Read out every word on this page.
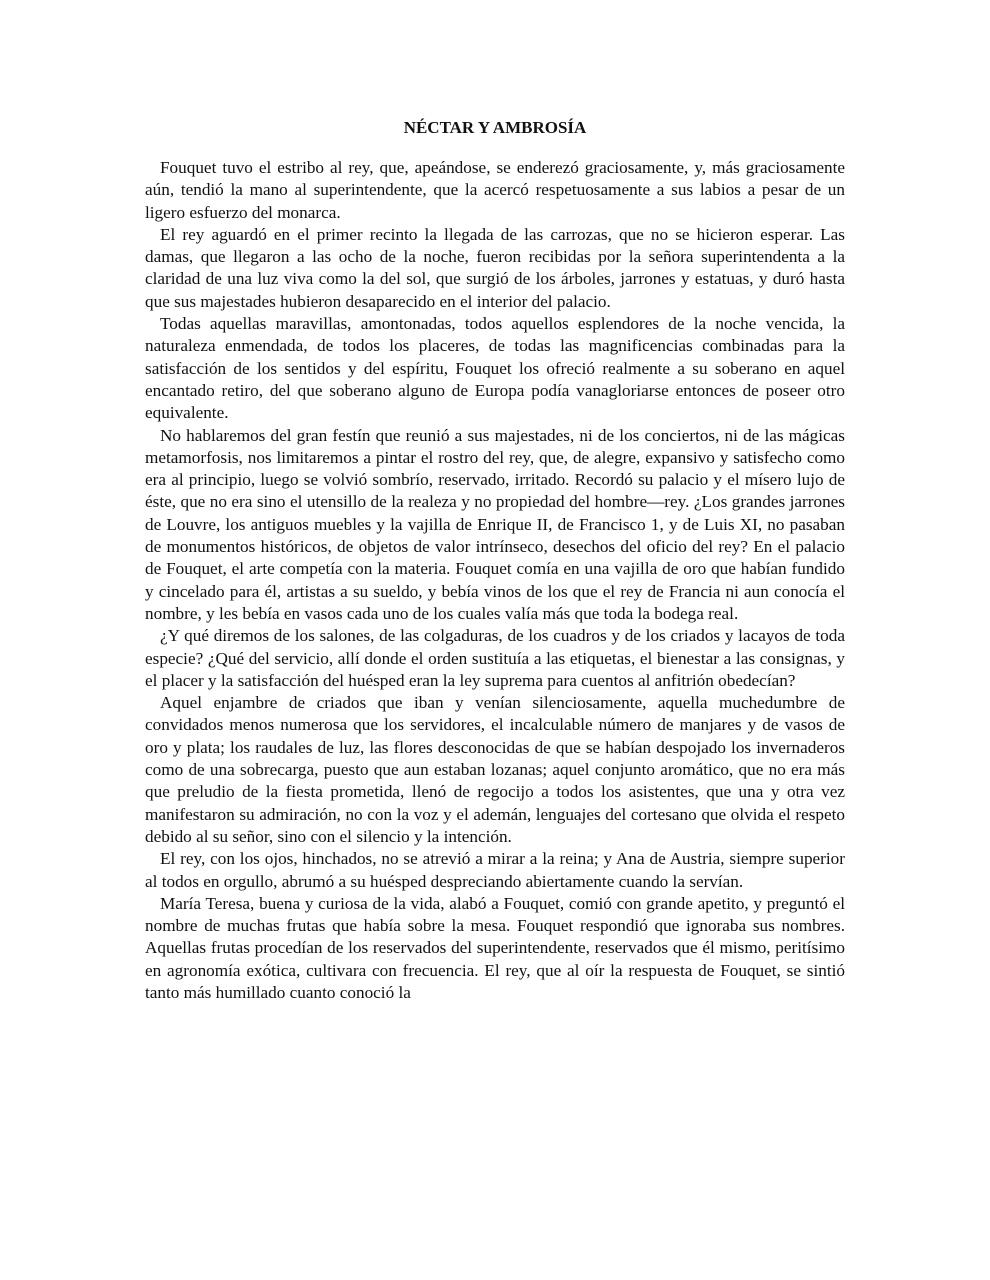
NÉCTAR Y AMBROSÍA

Fouquet tuvo el estribo al rey, que, apeándose, se enderezó graciosamente, y, más graciosamente aún, tendió la mano al superintendente, que la acercó respetuosamente a sus labios a pesar de un ligero esfuerzo del monarca.

El rey aguardó en el primer recinto la llegada de las carrozas, que no se hicieron esperar. Las damas, que llegaron a las ocho de la noche, fueron recibidas por la señora superintendenta a la claridad de una luz viva como la del sol, que surgió de los árboles, jarrones y estatuas, y duró hasta que sus majestades hubieron desaparecido en el interior del palacio.

Todas aquellas maravillas, amontonadas, todos aquellos esplendores de la noche vencida, la naturaleza enmendada, de todos los placeres, de todas las magnificencias combinadas para la satisfacción de los sentidos y del espíritu, Fouquet los ofreció realmente a su soberano en aquel encantado retiro, del que soberano alguno de Europa podía vanagloriarse entonces de poseer otro equivalente.

No hablaremos del gran festín que reunió a sus majestades, ni de los conciertos, ni de las mágicas metamorfosis, nos limitaremos a pintar el rostro del rey, que, de alegre, expansivo y satisfecho como era al principio, luego se volvió sombrío, reservado, irritado. Recordó su palacio y el mísero lujo de éste, que no era sino el utensillo de la realeza y no propiedad del hombre—rey. ¿Los grandes jarrones de Louvre, los antiguos muebles y la vajilla de Enrique II, de Francisco 1, y de Luis XI, no pasaban de monumentos históricos, de objetos de valor intrínseco, desechos del oficio del rey? En el palacio de Fouquet, el arte competía con la materia. Fouquet comía en una vajilla de oro que habían fundido y cincelado para él, artistas a su sueldo, y bebía vinos de los que el rey de Francia ni aun conocía el nombre, y les bebía en vasos cada uno de los cuales valía más que toda la bodega real.

¿Y qué diremos de los salones, de las colgaduras, de los cuadros y de los criados y lacayos de toda especie? ¿Qué del servicio, allí donde el orden sustituía a las etiquetas, el bienestar a las consignas, y el placer y la satisfacción del huésped eran la ley suprema para cuentos al anfitrión obedecían?

Aquel enjambre de criados que iban y venían silenciosamente, aquella muchedumbre de convidados menos numerosa que los servidores, el incalculable número de manjares y de vasos de oro y plata; los raudales de luz, las flores desconocidas de que se habían despojado los invernaderos como de una sobrecarga, puesto que aun estaban lozanas; aquel conjunto aromático, que no era más que preludio de la fiesta prometida, llenó de regocijo a todos los asistentes, que una y otra vez manifestaron su admiración, no con la voz y el ademán, lenguajes del cortesano que olvida el respeto debido al su señor, sino con el silencio y la intención.

El rey, con los ojos, hinchados, no se atrevió a mirar a la reina; y Ana de Austria, siempre superior al todos en orgullo, abrumó a su huésped despreciando abiertamente cuando la servían.

María Teresa, buena y curiosa de la vida, alabó a Fouquet, comió con grande apetito, y preguntó el nombre de muchas frutas que había sobre la mesa. Fouquet respondió que ignoraba sus nombres. Aquellas frutas procedían de los reservados del superintendente, reservados que él mismo, peritísimo en agronomía exótica, cultivara con frecuencia. El rey, que al oír la respuesta de Fouquet, se sintió tanto más humillado cuanto conoció la
